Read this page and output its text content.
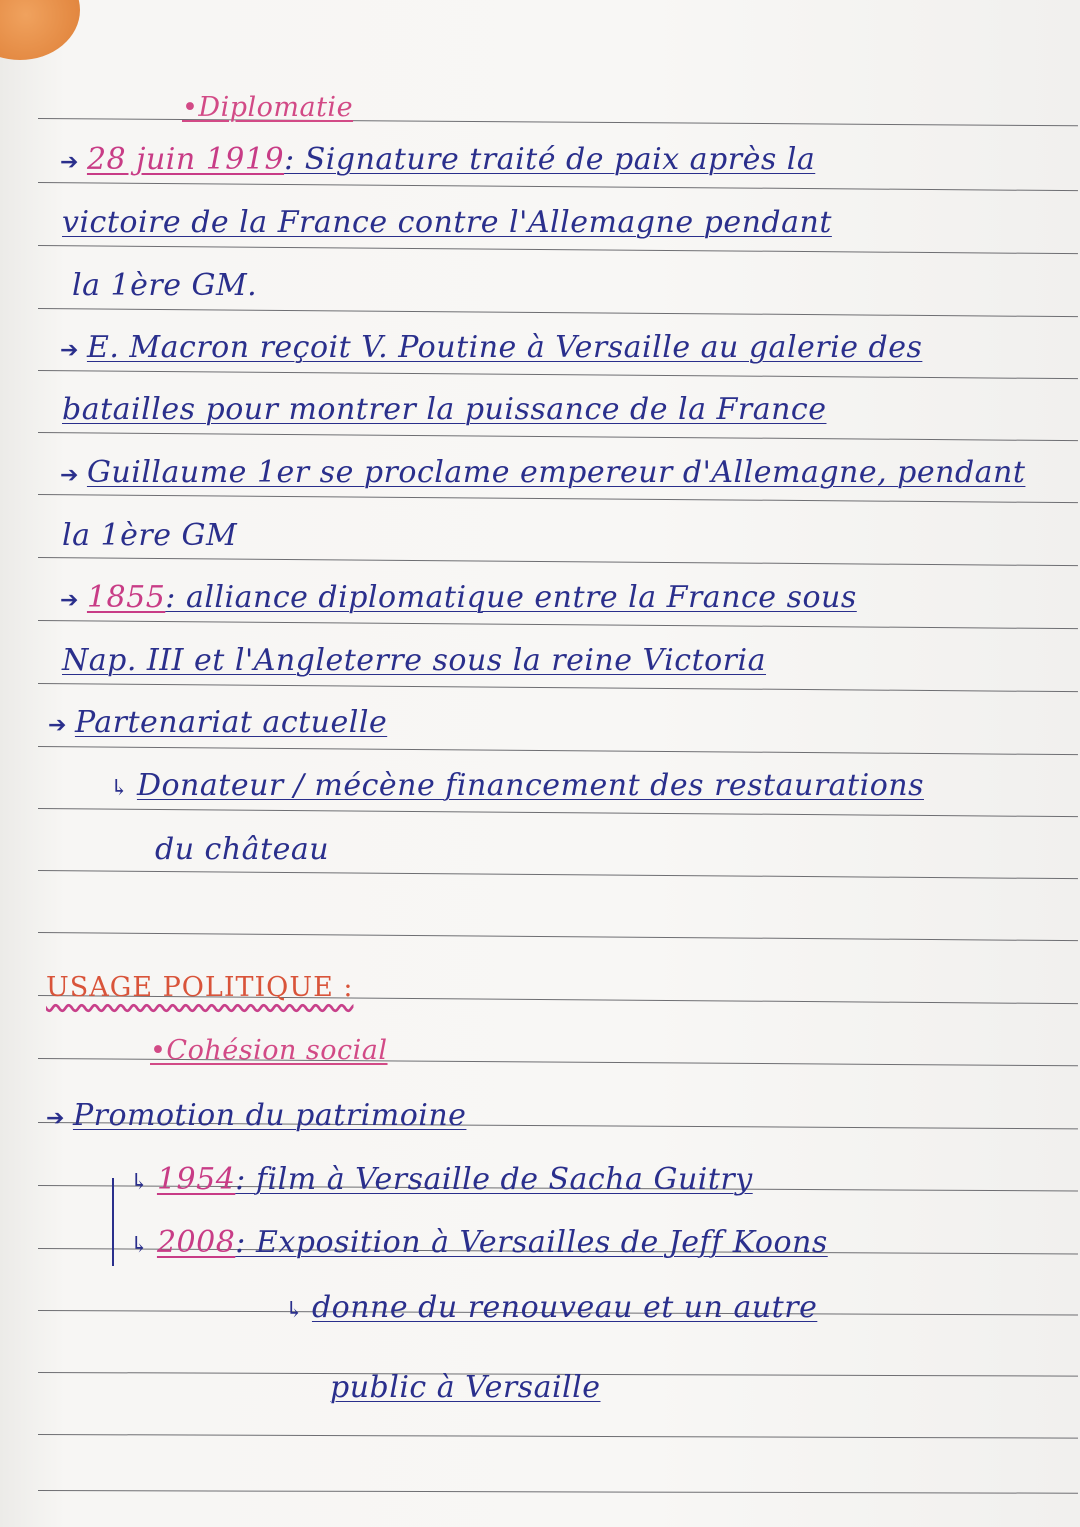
•Diplomatie
➔ 28 juin 1919: Signature traité de paix après la
victoire de la France contre l'Allemagne pendant
la 1ère GM.
➔ E. Macron reçoit V. Poutine à Versaille au galerie des
batailles pour montrer la puissance de la France
➔ Guillaume 1er se proclame empereur d'Allemagne, pendant
la 1ère GM
➔ 1855: alliance diplomatique entre la France sous
Nap. III et l'Angleterre sous la reine Victoria
➔ Partenariat actuelle
↳ Donateur / mécène financement des restaurations
du château
USAGE POLITIQUE :
•Cohésion social
➔ Promotion du patrimoine
↳ 1954: film à Versaille de Sacha Guitry
↳ 2008: Exposition à Versailles de Jeff Koons
↳ donne du renouveau et un autre
public à Versaille
